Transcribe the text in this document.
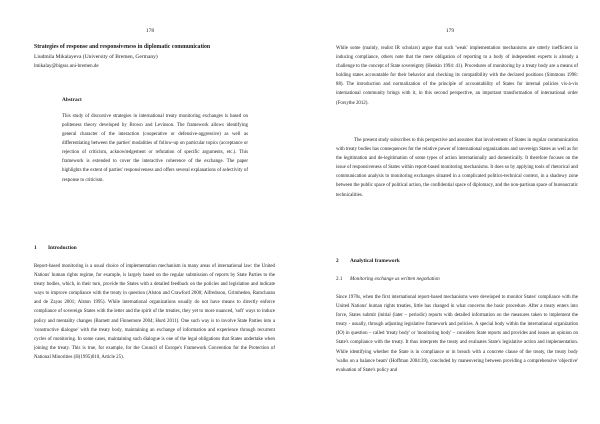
178
Strategies of response and responsiveness in diplomatic communication
Liudmila Mikalayeva (University of Bremen, Germany)
lmikalay@bigsss.uni-bremen.de
Abstract

This study of discursive strategies in international treaty monitoring exchanges is based on politeness theory developed by Brown and Levinson. The framework allows identifying general character of the interaction (cooperative or defensive-aggressive) as well as differentiating between the parties' modalities of follow-up on particular topics (acceptance or rejection of criticism, acknowledgement or refutation of specific arguments, etc.). This framework is extended to cover the interactive coherence of the exchange. The paper highlights the extent of parties' responsiveness and offers several explanations of selectivity of response to criticism.

1 Introduction

Report-based monitoring is a usual choice of implementation mechanism in many areas of international law: the United Nations' human rights regime, for example, is largely based on the regular submission of reports by State Parties to the treaty bodies, which, in their turn, provide the States with a detailed feedback on the policies and legislation and indicate ways to improve compliance with the treaty in question (Alston and Crawford 2000; Alfredsson, Grimheden, Ramcharan and de Zayas 2001; Alston 1995). While international organizations usually do not have means to directly enforce compliance of sovereign States with the letter and the spirit of the treaties, they yet to more nuanced, 'soft' ways to induce policy and mentality changes (Barnett and Finnemore 2004; Hurd 2011). One such way is to involve State Parties into a 'constructive dialogue' with the treaty body, maintaining an exchange of information and experience through recurrent cycles of monitoring. In some cases, maintaining such dialogue is one of the legal obligations that States undertake when joining the treaty. This is true, for example, for the Council of Europe's Framework Convention for the Protection of National Minorities (H(1995)010, Article 25).

179

While some (mainly, realist IR scholars) argue that such 'weak' implementation mechanisms are utterly inefficient in inducing compliance, others note that the mere obligation of reporting to a body of independent experts is already a challenge to the concept of State sovereignty (Henkin 1994: 41). Procedures of monitoring by a treaty body are a means of holding states accountable for their behavior and checking its compatibility with the declared positions (Simmons 1998: 88). The introduction and normalization of the principle of accountability of States for internal policies vis-à-vis international community brings with it, in this second perspective, an important transformation of international order (Forsythe 2012).

The present study subscribes to this perspective and assumes that involvement of States in regular communication with treaty bodies has consequences for the relative power of international organizations and sovereign States as well as for the legitimation and de-legitimation of some types of action internationally and domestically. It therefore focuses on the issue of responsiveness of States within report-based monitoring mechanisms. It does so by applying tools of rhetorical and communication analysis to monitoring exchanges situated in a complicated politico-technical context, in a shadowy zone between the public space of political action, the confidential space of diplomacy, and the non-partisan space of bureaucratic technicalities.

2 Analytical framework
2.1 Monitoring exchange as written negotiation

Since 1970s, when the first international report-based mechanisms were developed to monitor States' compliance with the United Nations' human rights treaties, little has changed in what concerns the basic procedure. After a treaty enters into force, States submit (initial (later – periodic) reports with detailed information on the measures taken to implement the treaty - usually, through adjusting legislative framework and policies. A special body within the international organization (IO) in question – called 'treaty body' or 'monitoring body' – considers State reports and provides and issues an opinion on State's compliance with the treaty. It thus interprets the treaty and evaluates State's legislative action and implementation. While identifying whether the State is in compliance or in breach with a concrete clause of the treaty, the treaty body 'walks on a balance beam' (Hoffman 2004:39), concluded by maneuvering between providing a comprehensive 'objective' evaluation of State's policy and
